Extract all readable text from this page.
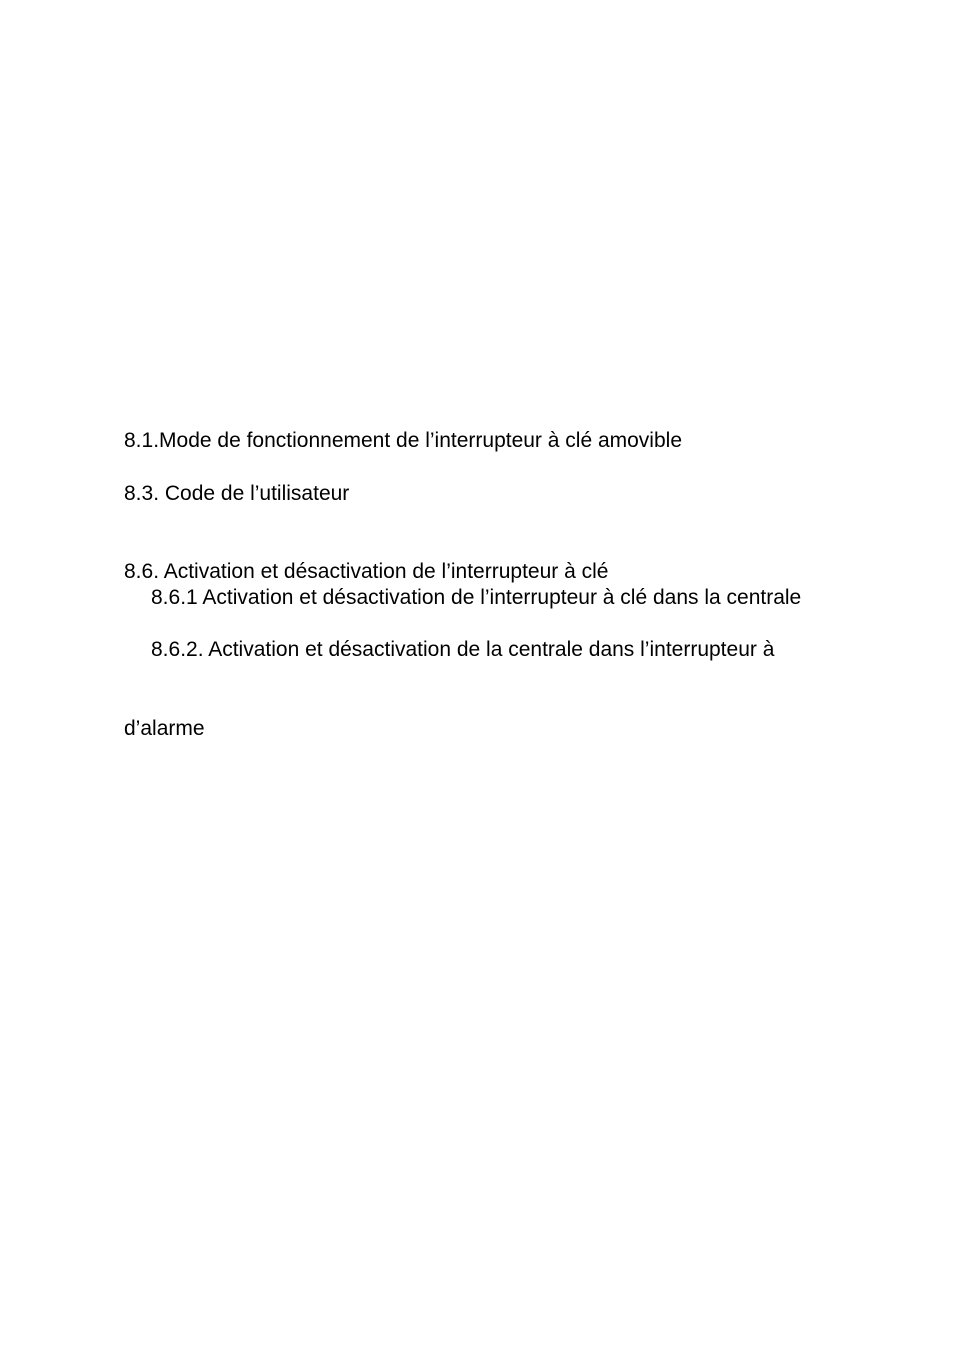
8.1.Mode de fonctionnement de l’interrupteur à clé amovible
8.3. Code de l’utilisateur
8.6. Activation et désactivation de l’interrupteur à clé
8.6.1 Activation et désactivation de l’interrupteur à clé dans la centrale
8.6.2. Activation et désactivation de la centrale dans l’interrupteur à
d’alarme
